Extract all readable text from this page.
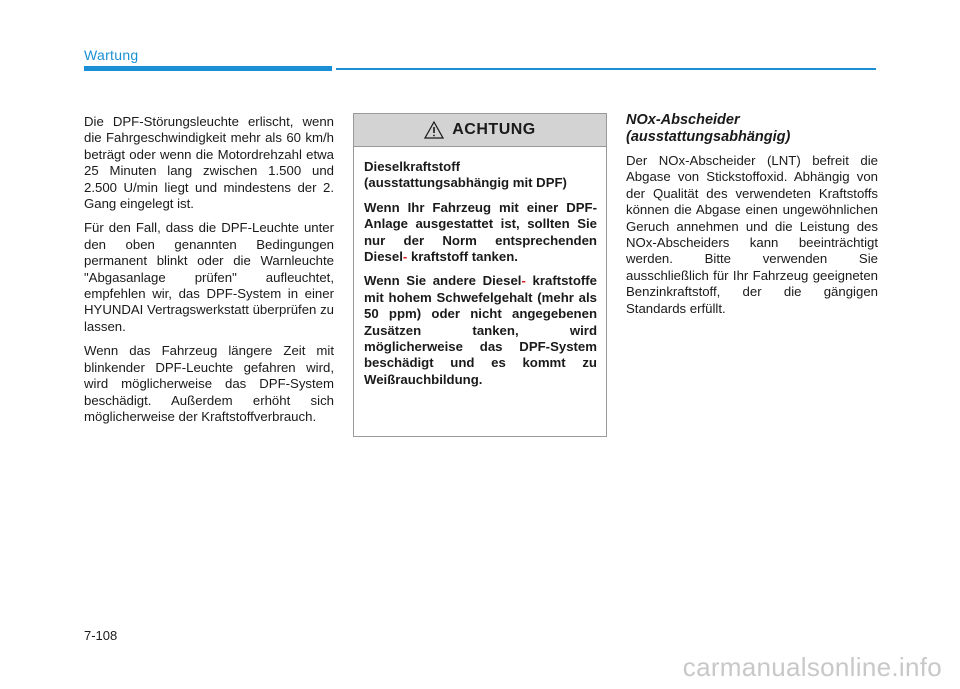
Wartung

Die DPF-Störungsleuchte erlischt, wenn die Fahrgeschwindigkeit mehr als 60 km/h beträgt oder wenn die Motordrehzahl etwa 25 Minuten lang zwischen 1.500 und 2.500 U/min liegt und mindestens der 2. Gang eingelegt ist.

Für den Fall, dass die DPF-Leuchte unter den oben genannten Bedingungen permanent blinkt oder die Warnleuchte "Abgasanlage prüfen" aufleuchtet, empfehlen wir, das DPF-System in einer HYUNDAI Vertragswerkstatt überprüfen zu lassen.

Wenn das Fahrzeug längere Zeit mit blinkender DPF-Leuchte gefahren wird, wird möglicherweise das DPF-System beschädigt. Außerdem erhöht sich möglicherweise der Kraftstoffverbrauch.

ACHTUNG

Dieselkraftstoff (ausstattungsabhängig mit DPF)

Wenn Ihr Fahrzeug mit einer DPF-Anlage ausgestattet ist, sollten Sie nur der Norm entsprechenden Diesel- kraftstoff tanken.

Wenn Sie andere Diesel- kraftstoffe mit hohem Schwefelgehalt (mehr als 50 ppm) oder nicht angegebenen Zusätzen tanken, wird möglicherweise das DPF-System beschädigt und es kommt zu Weißrauchbildung.

NOx-Abscheider
(ausstattungsabhängig)

Der NOx-Abscheider (LNT) befreit die Abgase von Stickstoffoxid. Abhängig von der Qualität des verwendeten Kraftstoffs können die Abgase einen ungewöhnlichen Geruch annehmen und die Leistung des NOx-Abscheiders kann beeinträchtigt werden. Bitte verwenden Sie ausschließlich für Ihr Fahrzeug geeigneten Benzinkraftstoff, der die gängigen Standards erfüllt.

7-108
carmanualsonline.info
